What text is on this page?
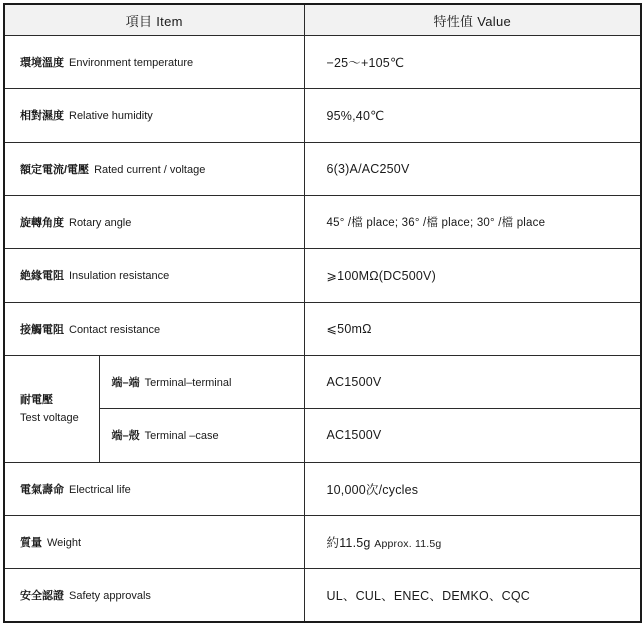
項目 Item		特性值 Value
環境溫度 Environment temperature		−25～+105℃
相對濕度 Relative humidity		95%,40℃
額定電流/電壓 Rated current / voltage		6(3)A/AC250V
旋轉角度 Rotary angle		45° /檔 place; 36° /檔 place; 30° /檔 place
絶緣電阻 Insulation resistance		⩾100MΩ(DC500V)
接觸電阻 Contact resistance		⩽50mΩ

耐電壓
Test voltage	端–端 Terminal–terminal	AC1500V
	端–殻 Terminal –case	AC1500V
電氣壽命 Electrical life		10,000次/cycles
質量 Weight		約11.5g Approx. 11.5g
安全認證 Safety approvals		UL、CUL、ENEC、DEMKO、CQC
